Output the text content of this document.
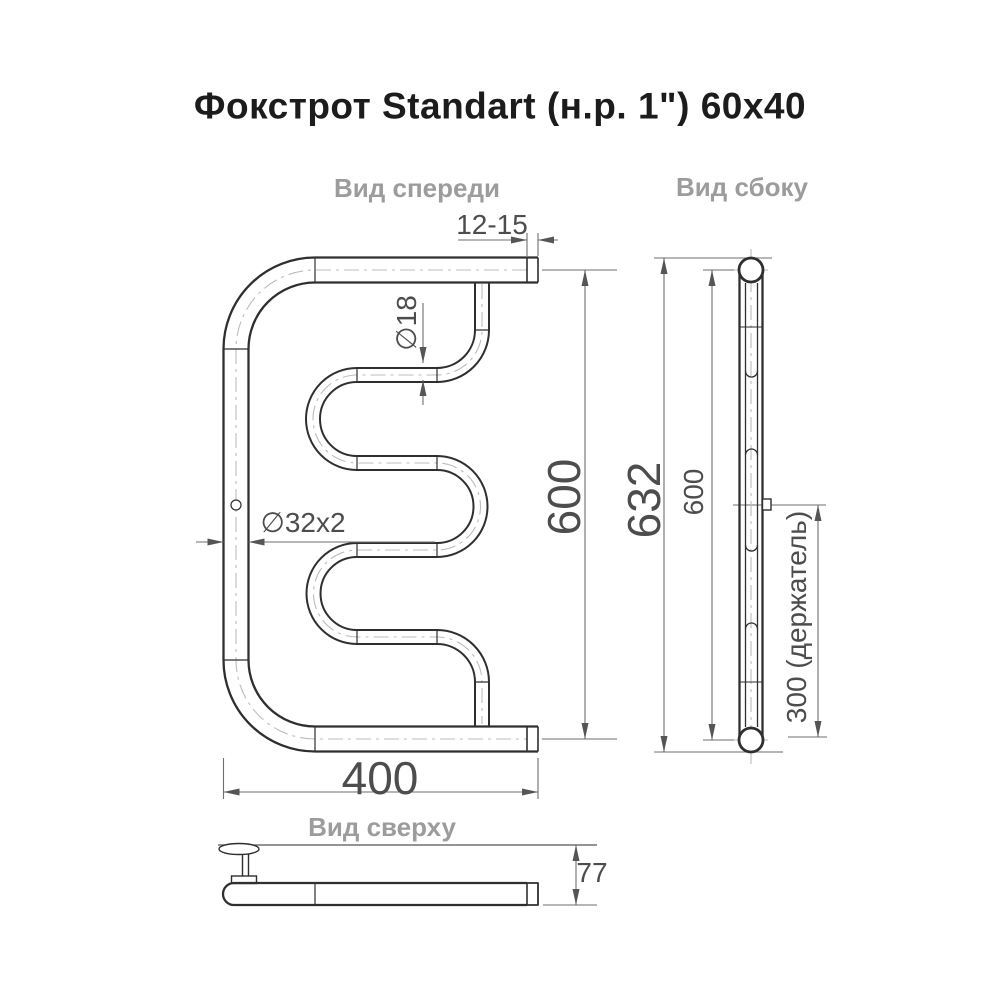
Фокстрот Standart (н.р. 1") 60x40
Вид спереди	Вид сбоку
Вид сверху
12-15
∅18
∅32x2	600
400
632 600
300 (держатель)
77
